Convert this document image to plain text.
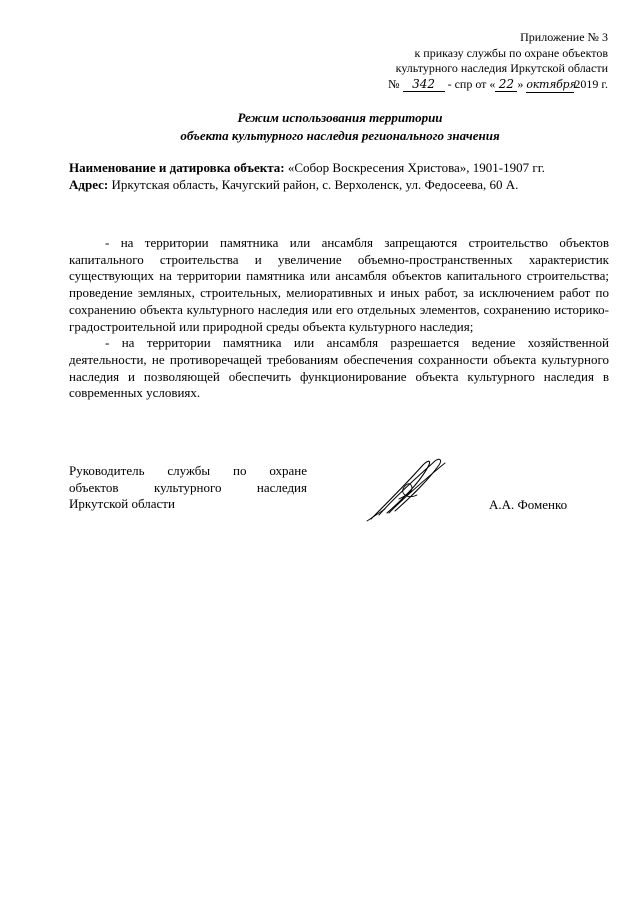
Приложение № 3
к приказу службы по охране объектов
культурного наследия Иркутской области
№ 342 - спр от « 22 » октября2019 г.
Режим использования территории
объекта культурного наследия регионального значения
Наименование и датировка объекта: «Собор Воскресения Христова», 1901-1907 гг.
Адрес: Иркутская область, Качугский район, с. Верхоленск, ул. Федосеева, 60 А.

- на территории памятника или ансамбля запрещаются строительство объектов капитального строительства и увеличение объемно-пространственных характеристик существующих на территории памятника или ансамбля объектов капитального строительства; проведение земляных, строительных, мелиоративных и иных работ, за исключением работ по сохранению объекта культурного наследия или его отдельных элементов, сохранению историко-градостроительной или природной среды объекта культурного наследия;

- на территории памятника или ансамбля разрешается ведение хозяйственной деятельности, не противоречащей требованиям обеспечения сохранности объекта культурного наследия и позволяющей обеспечить функционирование объекта культурного наследия в современных условиях.

Руководитель службы по охране
объектов культурного наследия
Иркутской области	А.А. Фоменко
